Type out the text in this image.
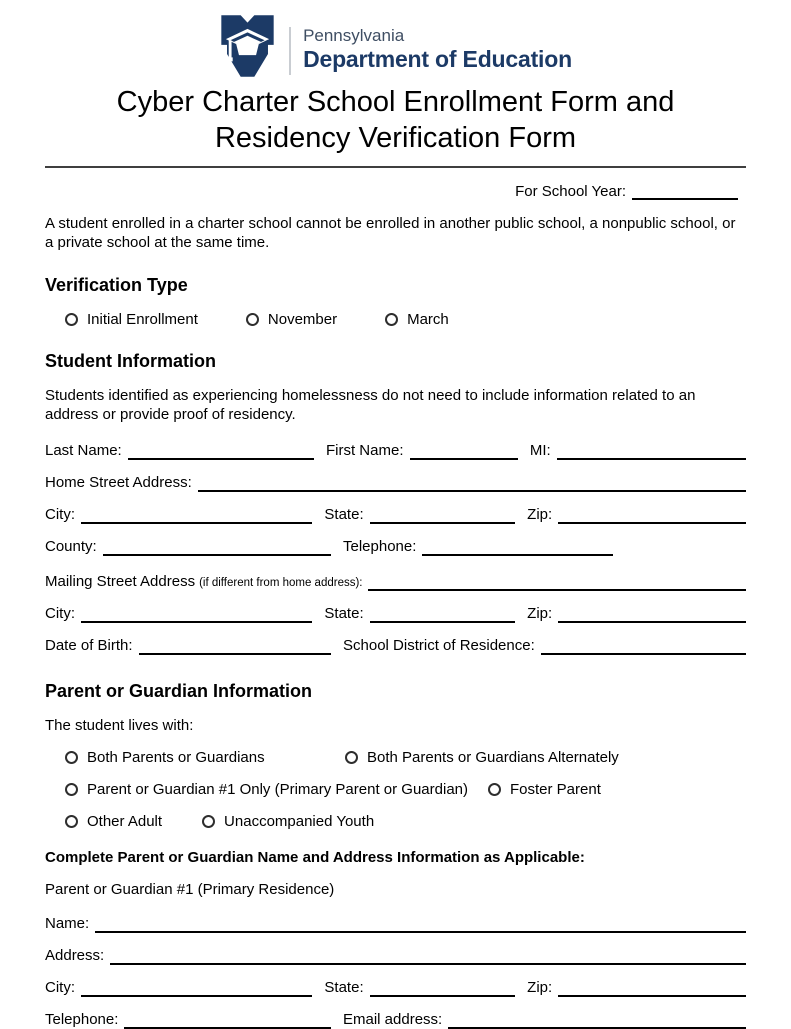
Pennsylvania
Department of Education
Cyber Charter School Enrollment Form and
Residency Verification Form
For School Year:
A student enrolled in a charter school cannot be enrolled in another public school, a nonpublic school, or a private school at the same time.
Verification Type
Initial Enrollment	November	March
Student Information
Students identified as experiencing homelessness do not need to include information related to an address or provide proof of residency.
Last Name:	First Name:	MI:
Home Street Address:
City:	State:	Zip:
County:	Telephone:
Mailing Street Address (if different from home address):
City:	State:	Zip:
Date of Birth:	School District of Residence:
Parent or Guardian Information
The student lives with:
Both Parents or Guardians	Both Parents or Guardians Alternately
Parent or Guardian #1 Only (Primary Parent or Guardian)	Foster Parent
Other Adult	Unaccompanied Youth
Complete Parent or Guardian Name and Address Information as Applicable:
Parent or Guardian #1 (Primary Residence)
Name:
Address:
City:	State:	Zip:
Telephone:	Email address:
